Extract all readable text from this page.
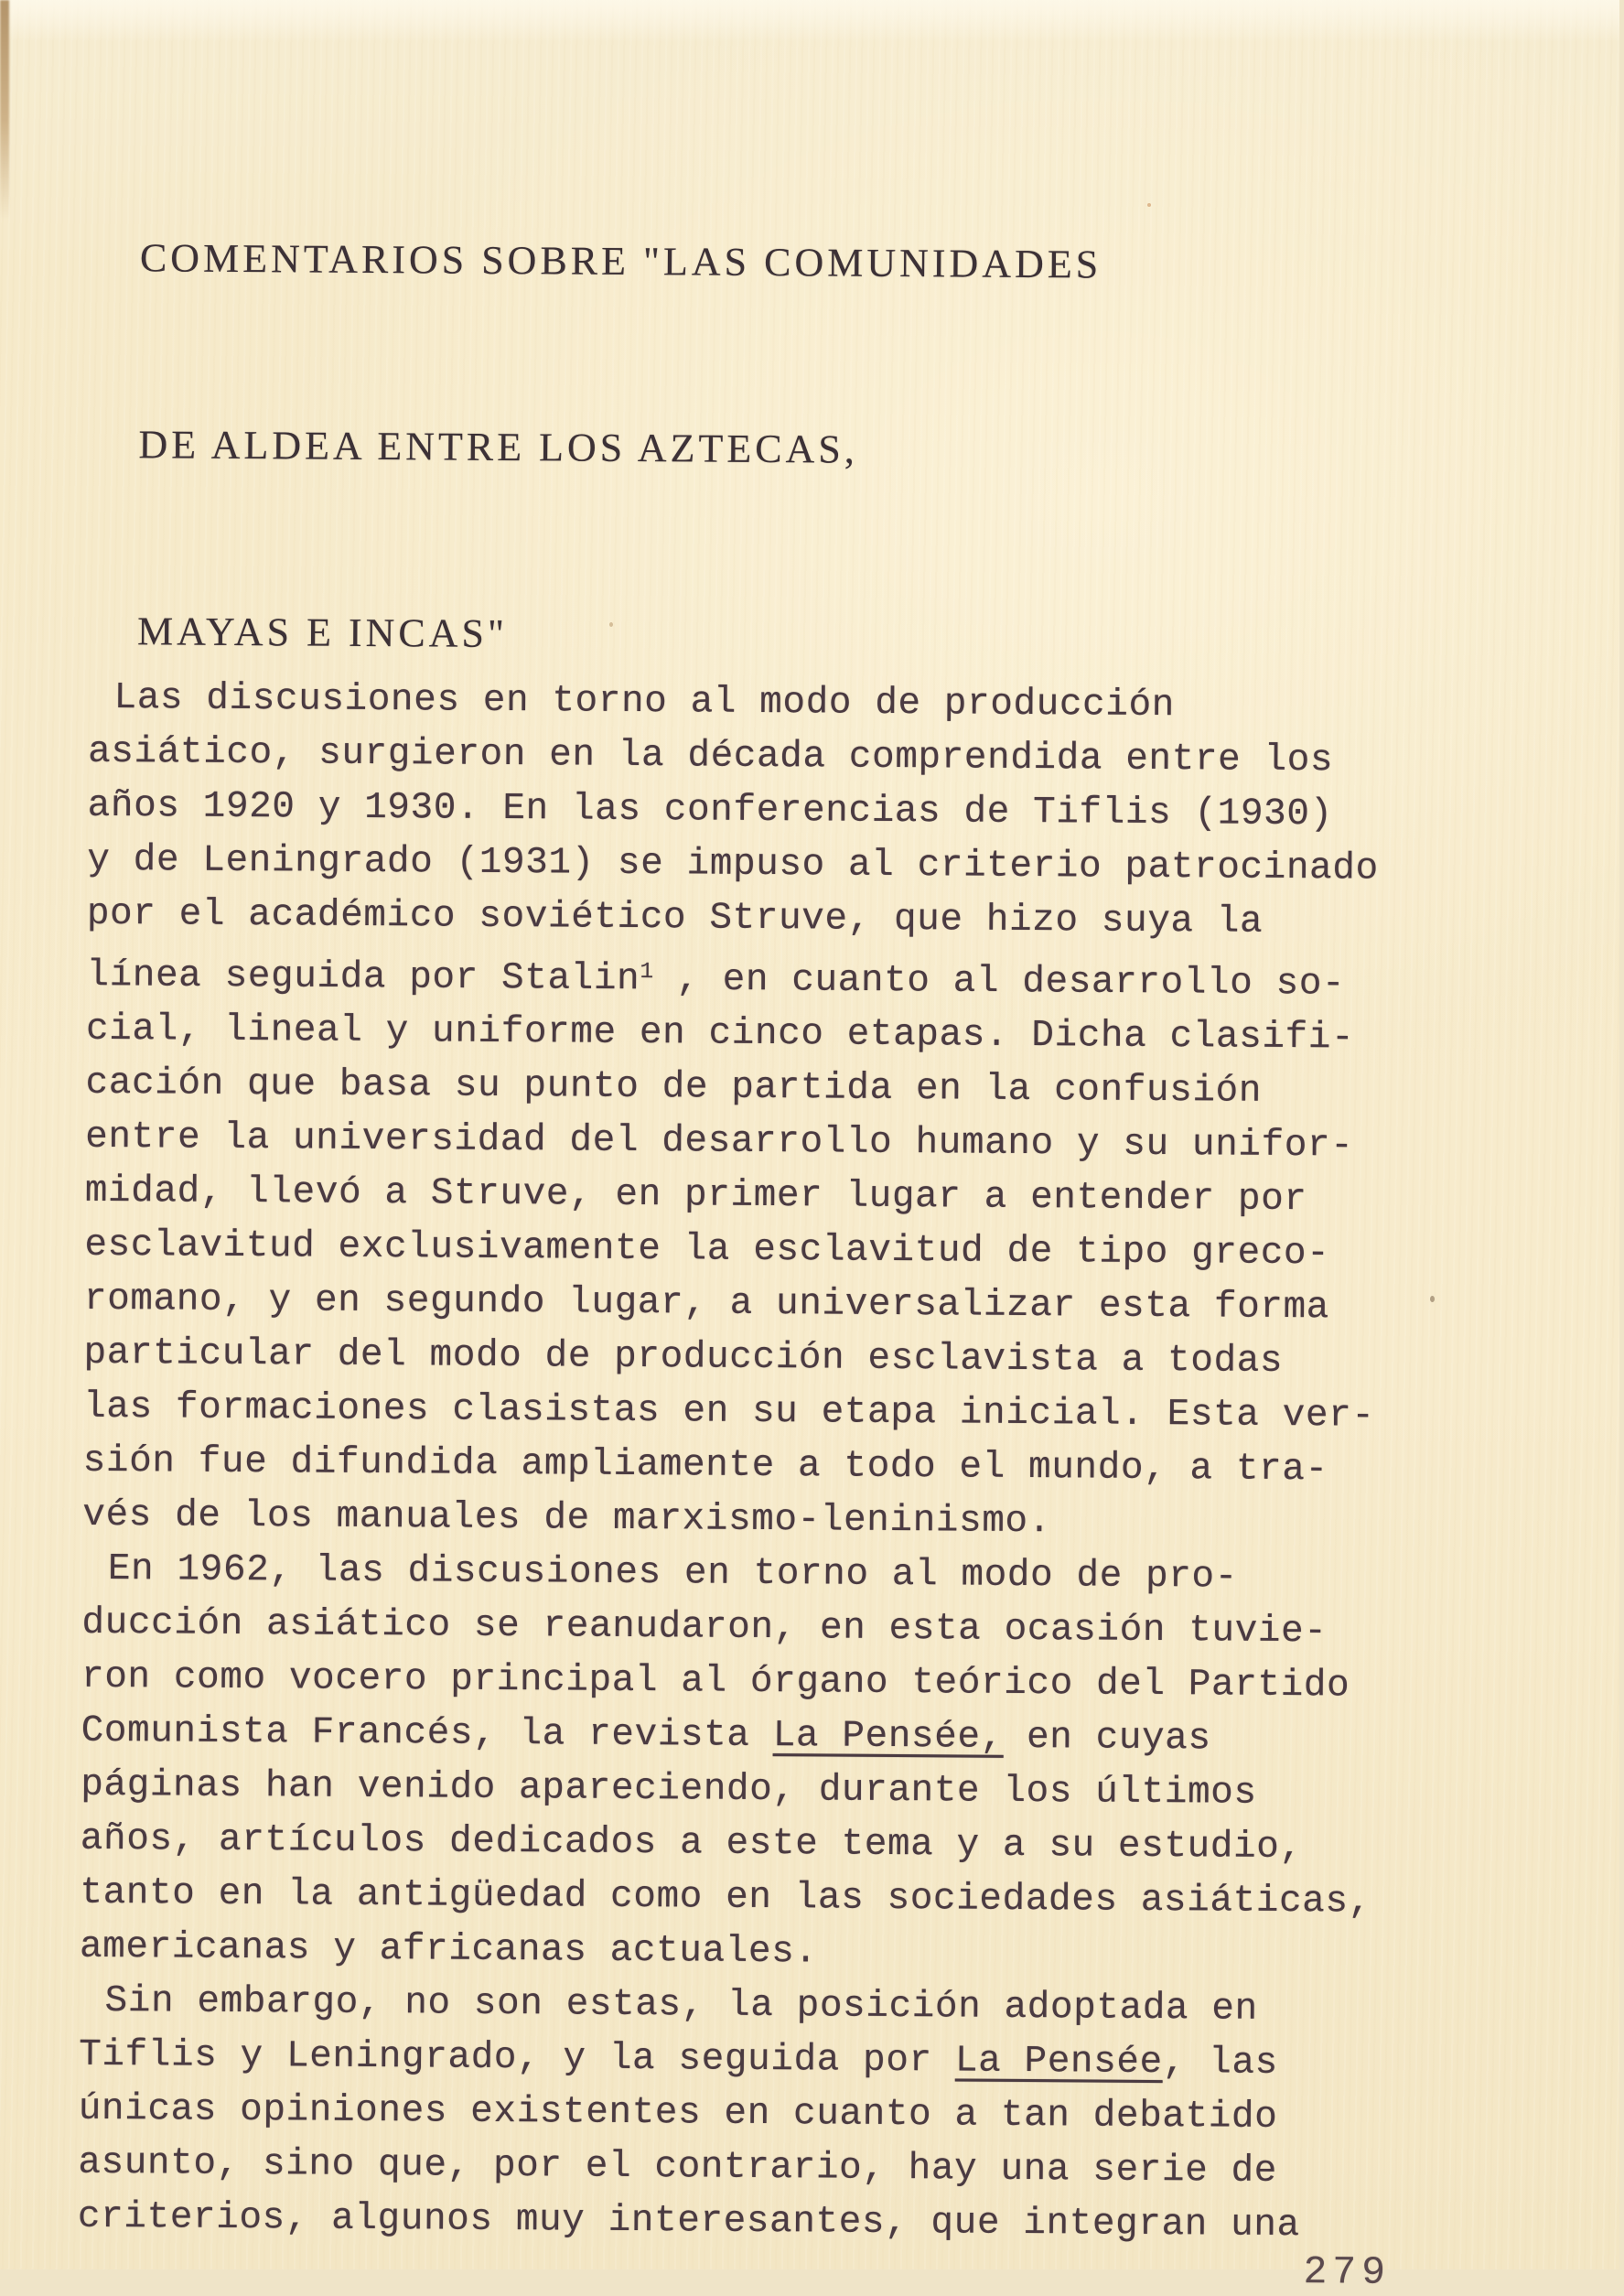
COMENTARIOS SOBRE "LAS COMUNIDADES

DE ALDEA ENTRE LOS AZTECAS,

MAYAS E INCAS"

Las discusiones en torno al modo de producción
asiático, surgieron en la década comprendida entre los
años 1920 y 1930. En las conferencias de Tiflis (1930)
y de Leningrado (1931) se impuso al criterio patrocinado
por el académico soviético Struve, que hizo suya la
línea seguida por Stalin$^1$ , en cuanto al desarrollo so-
cial, lineal y uniforme en cinco etapas. Dicha clasifi-
cación que basa su punto de partida en la confusión
entre la universidad del desarrollo humano y su unifor-
midad, llevó a Struve, en primer lugar a entender por
esclavitud exclusivamente la esclavitud de tipo greco-
romano, y en segundo lugar, a universalizar esta forma
particular del modo de producción esclavista a todas
las formaciones clasistas en su etapa inicial. Esta ver-
sión fue difundida ampliamente a todo el mundo, a tra-
vés de los manuales de marxismo-leninismo.
En 1962, las discusiones en torno al modo de pro-
ducción asiático se reanudaron, en esta ocasión tuvie-
ron como vocero principal al órgano teórico del Partido
Comunista Francés, la revista La Pensée, en cuyas
páginas han venido apareciendo, durante los últimos
años, artículos dedicados a este tema y a su estudio,
tanto en la antigüedad como en las sociedades asiáticas,
americanas y africanas actuales.
Sin embargo, no son estas, la posición adoptada en
Tiflis y Leningrado, y la seguida por La Pensée, las
únicas opiniones existentes en cuanto a tan debatido
asunto, sino que, por el contrario, hay una serie de
criterios, algunos muy interesantes, que integran una
279
